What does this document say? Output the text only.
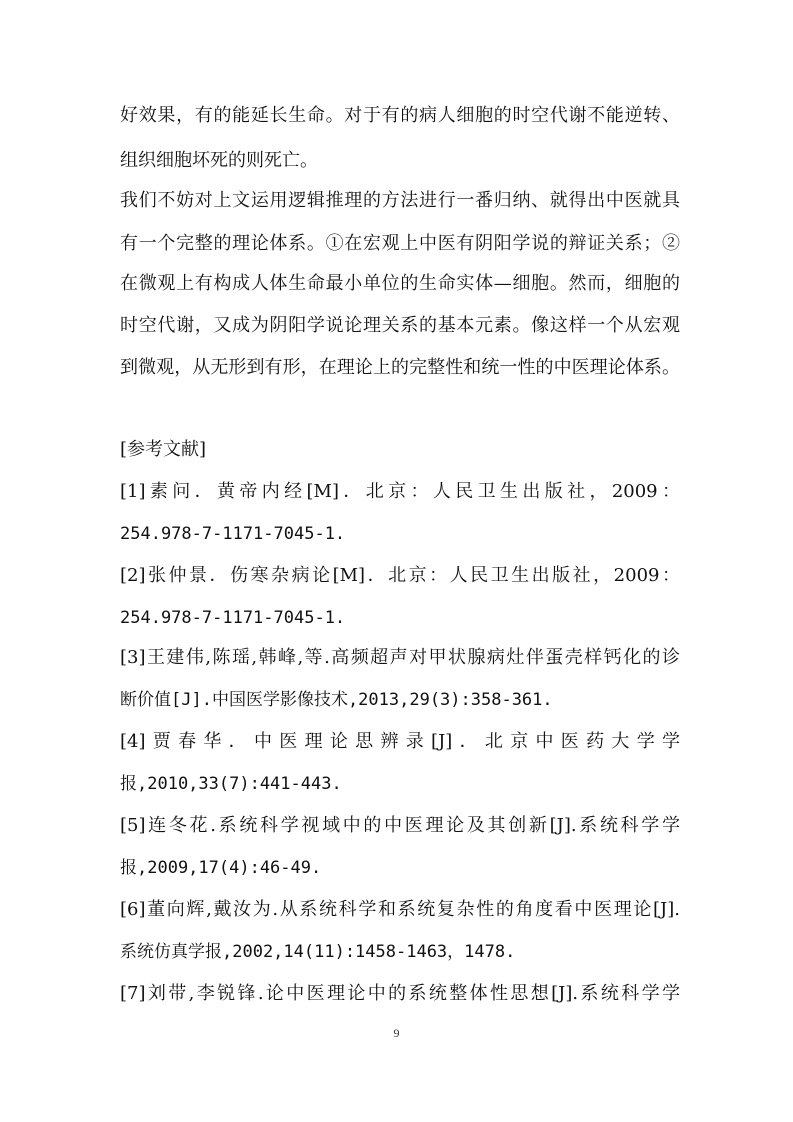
好效果，有的能延长生命。对于有的病人细胞的时空代谢不能逆转、
组织细胞坏死的则死亡。
我们不妨对上文运用逻辑推理的方法进行一番归纳、就得出中医就具
有一个完整的理论体系。①在宏观上中医有阴阳学说的辩证关系；②
在微观上有构成人体生命最小单位的生命实体—细胞。然而，细胞的
时空代谢，又成为阴阳学说论理关系的基本元素。像这样一个从宏观
到微观，从无形到有形，在理论上的完整性和统一性的中医理论体系。
[参考文献]
[1]素问．黄帝内经[M]．北京：人民卫生出版社，2009：
254.978-7-1171-7045-1.
[2]张仲景．伤寒杂病论[M]．北京：人民卫生出版社，2009：
254.978-7-1171-7045-1.
[3]王建伟,陈瑶,韩峰,等.高频超声对甲状腺病灶伴蛋壳样钙化的诊
断价值[J].中国医学影像技术,2013,29(3):358-361.
[4]贾春华．中医理论思辨录[J]．北京中医药大学学
报,2010,33(7):441-443.
[5]连冬花.系统科学视域中的中医理论及其创新[J].系统科学学
报,2009,17(4):46-49.
[6]董向辉,戴汝为.从系统科学和系统复杂性的角度看中医理论[J].
系统仿真学报,2002,14(11):1458-1463，1478.
[7]刘带,李锐锋.论中医理论中的系统整体性思想[J].系统科学学
9
